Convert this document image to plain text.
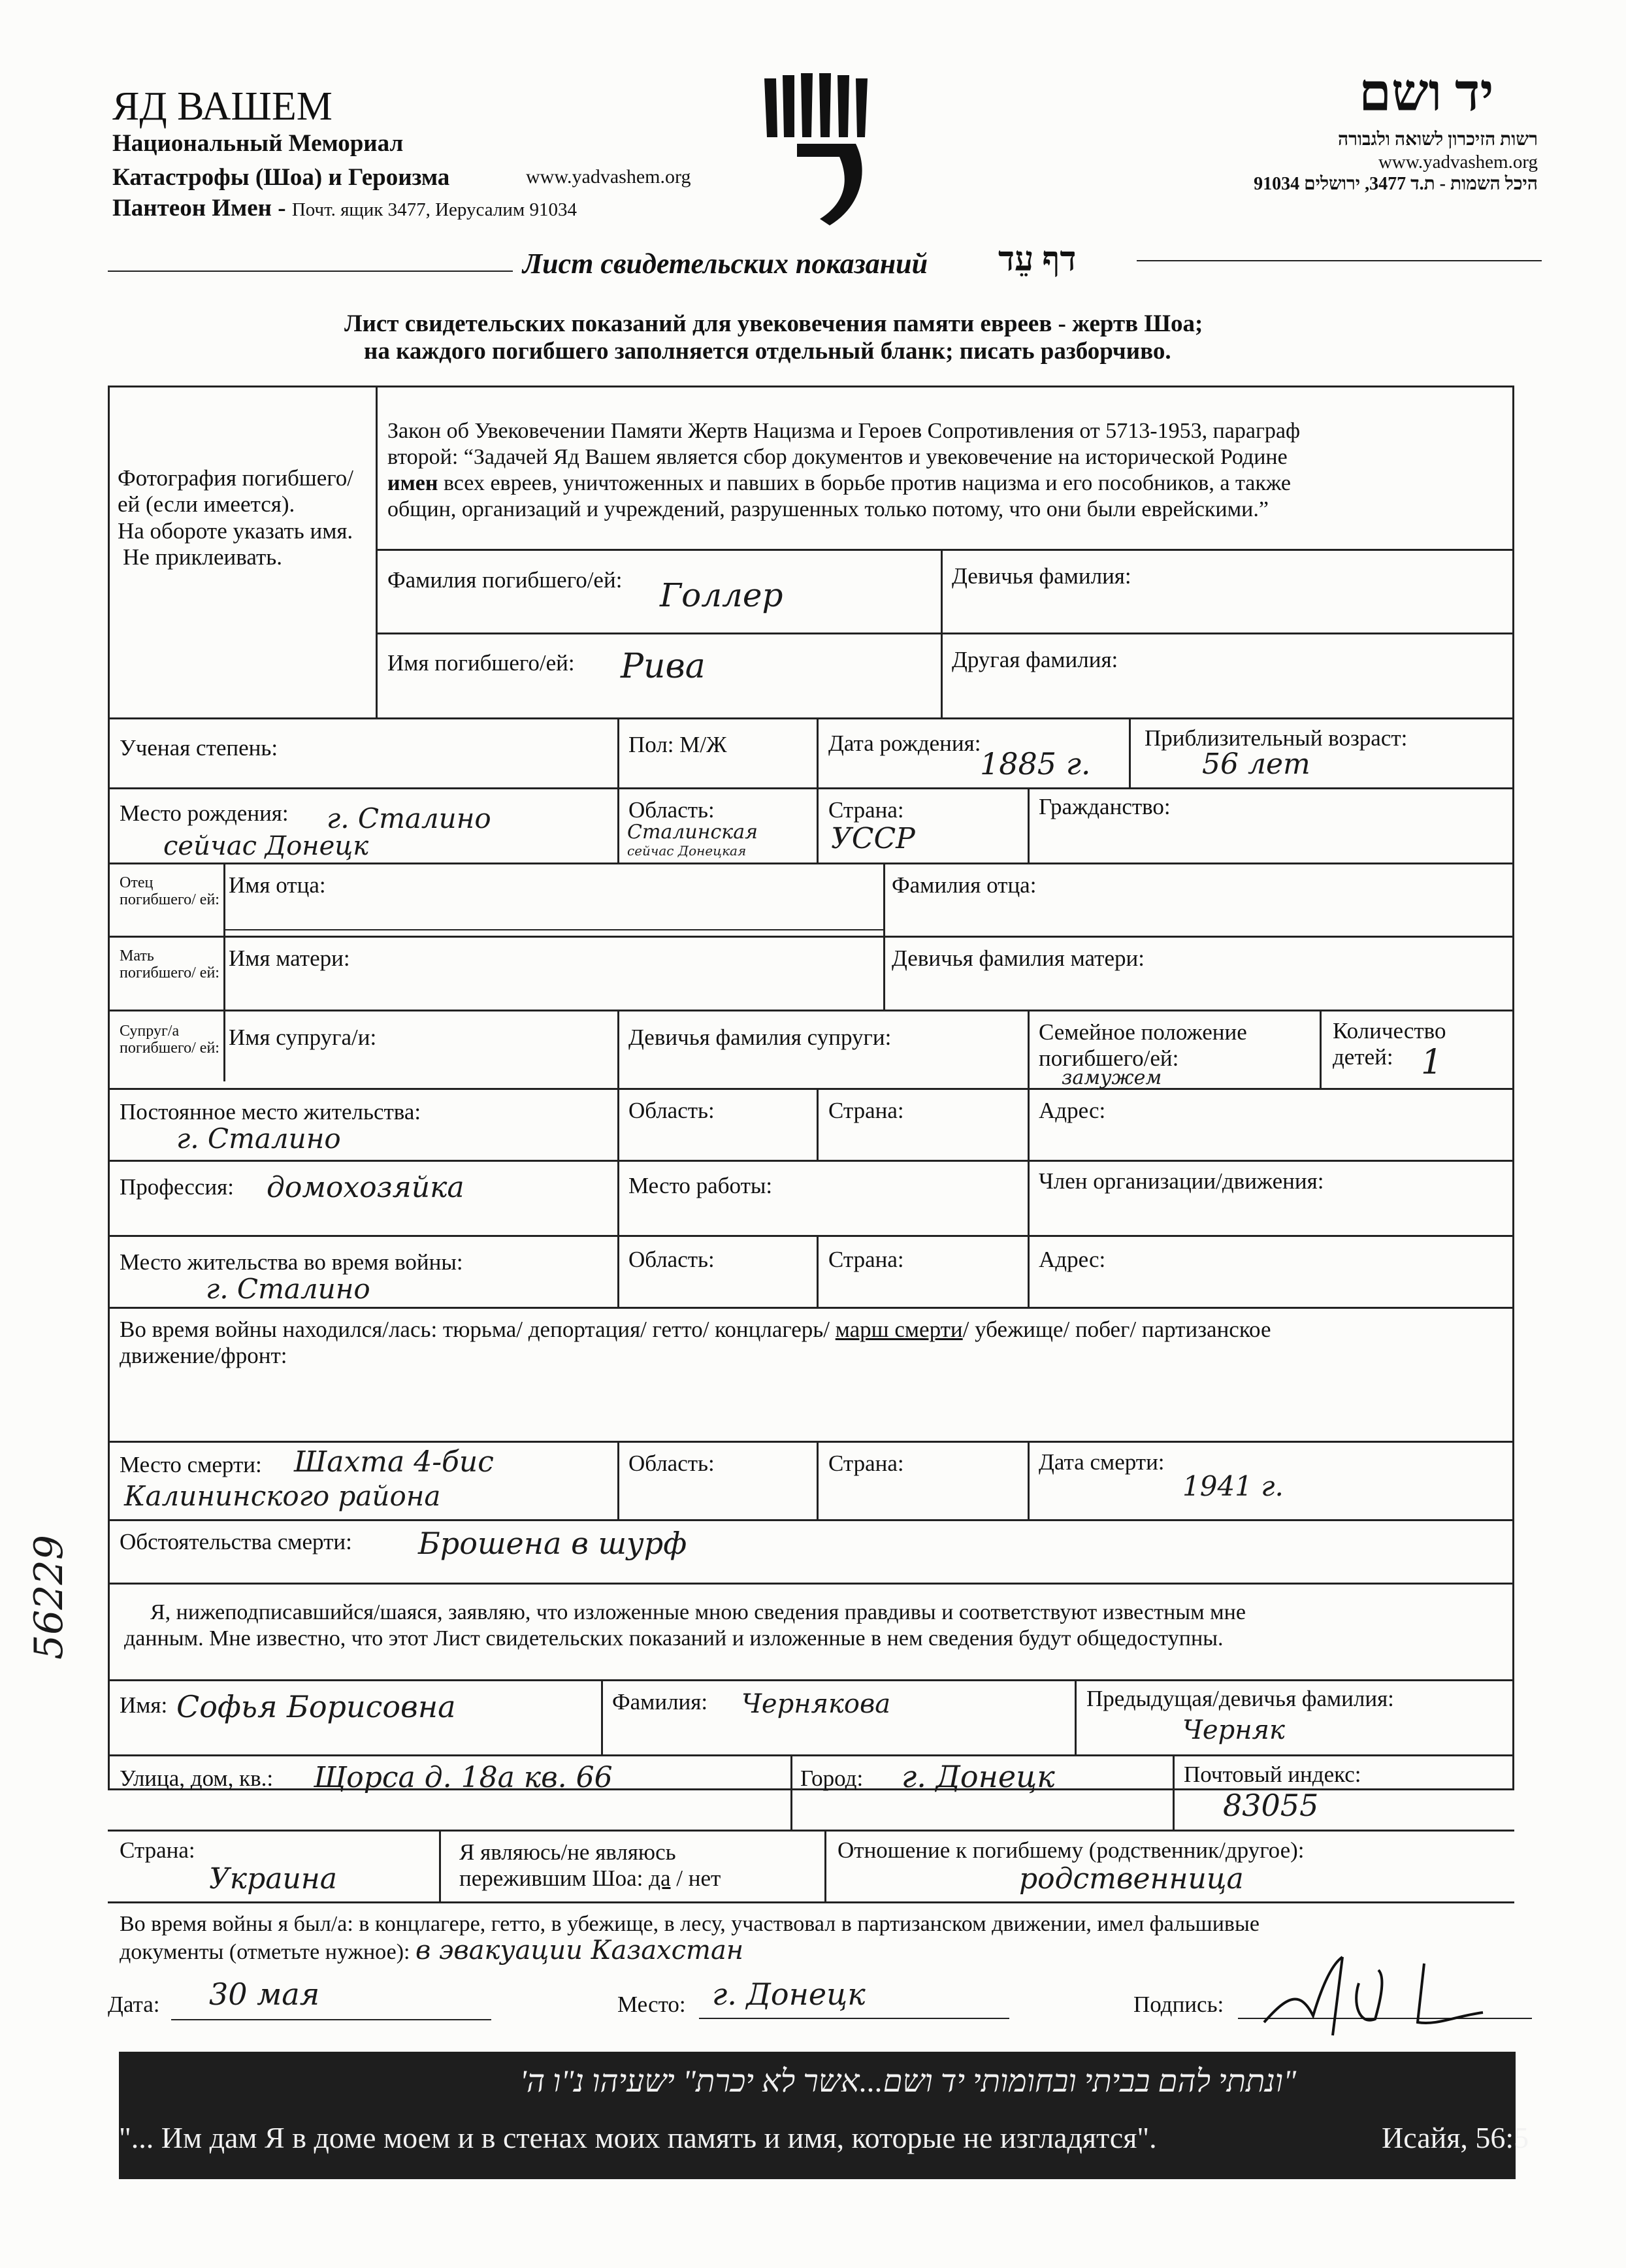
ЯД ВАШЕМ
Национальный Мемориал
Катастрофы (Шоа) и Героизма	www.yadvashem.org
Пантеон Имен - Почт. ящик 3477, Иерусалим 91034
יד ושם
רשות הזיכרון לשואה ולגבורה
www.yadvashem.org
היכל השמות - ת.ד 3477, ירושלים 91034
Лист свидетельских показаний דף עֵד
Лист свидетельских показаний для увековечения памяти евреев - жертв Шоа;
на каждого погибшего заполняется отдельный бланк; писать разборчиво.
Фотография погибшего/ей (если имеется).
На обороте указать имя.
Не приклеивать.
Закон об Увековечении Памяти Жертв Нацизма и Героев Сопротивления от 5713-1953, параграф
второй: “Задачей Яд Вашем является сбор документов и увековечение на исторической Родине
имен всех евреев, уничтоженных и павших в борьбе против нацизма и его пособников, а также
общин, организаций и учреждений, разрушенных только потому, что они были еврейскими.”
Фамилия погибшего/ей: Голлер
Девичья фамилия:
Имя погибшего/ей: Рива	Другая фамилия:
Ученая степень:	Пол: М/Ж	Дата рождения:
1885 г.
Приблизительный возраст:
56 лет
Место рождения: г. Сталино
сейчас Донецк
Область:
Сталинская
сейчас Донецкая
Страна:
УССР
Гражданство:
Отец погибшего/ ей:
Имя отца:	Фамилия отца:
Мать погибшего/ ей:
Имя матери:	Девичья фамилия матери:
Супруг/а погибшего/ ей: Имя супруга/и:	Девичья фамилия супруги:	Семейное положение погибшего/ей:
замужем
Количество детей: 1
Постоянное место жительства:
г. Сталино
Область:	Страна:	Адрес:
Профессия: домохозяйка	Место работы:	Член организации/движения:
Место жительства во время войны:
г. Сталино
Область:	Страна:	Адрес:
Во время войны находился/лась: тюрьма/ депортация/ гетто/ концлагерь/ марш смерти/ убежище/ побег/ партизанское
движение/фронт:
Место смерти: Шахта 4-бис
Калининского района
Область:	Страна:	Дата смерти:
1941 г.
Обстоятельства смерти: Брошена в шурф
Я, нижеподписавшийся/шаяся, заявляю, что изложенные мною сведения правдивы и соответствуют известным мне
данным. Мне известно, что этот Лист свидетельских показаний и изложенные в нем сведения будут общедоступны.
Имя: Софья Борисовна	Фамилия: Чернякова	Предыдущая/девичья фамилия:
Черняк
Улица, дом, кв.: Щорса д. 18а кв. 66	Город: г. Донецк	Почтовый индекс:
83055
Страна:
Украина
Я являюсь/не являюсь
пережившим Шоа: да / нет
Отношение к погибшему (родственник/другое):
родственница
Во время войны я был/а: в концлагере, гетто, в убежище, в лесу, участвовал в партизанском движении, имел фальшивые
документы (отметьте нужное): в эвакуации Казахстан
Дата: 30 мая	Место: г. Донецк	Подпись:
56229
"ונתתי להם בביתי ובחומותי יד ושם...אשר לא יכרת" ישעיהו נ"ו ה'
"... Им дам Я в доме моем и в стенах моих память и имя, которые не изгладятся".	Исайя, 56:5
